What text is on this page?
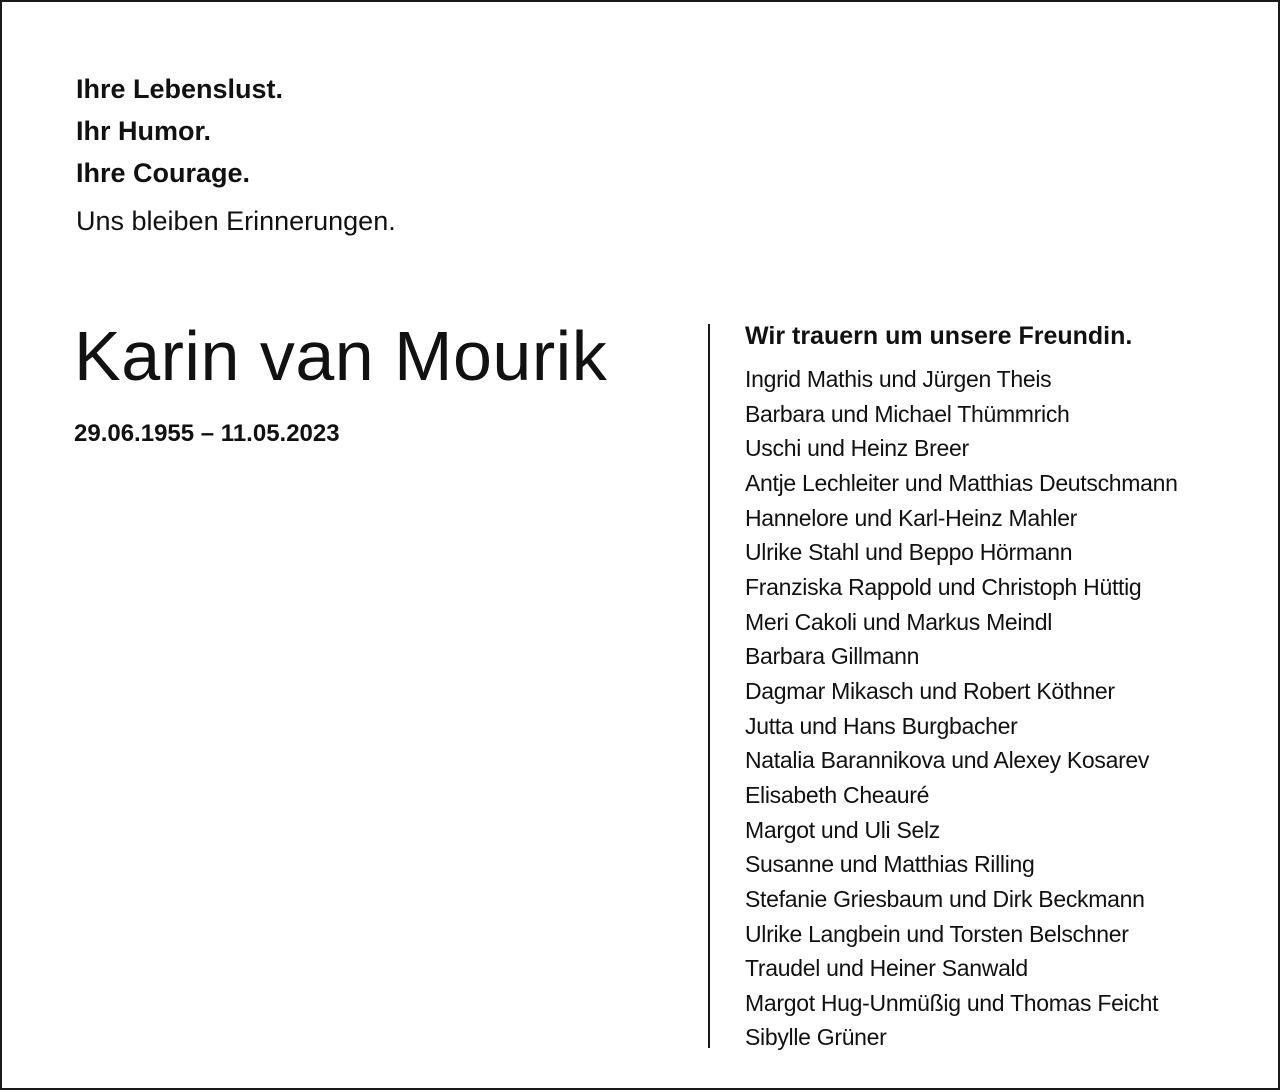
Ihre Lebenslust.
Ihr Humor.
Ihre Courage.
Uns bleiben Erinnerungen.
Karin van Mourik
29.06.1955 – 11.05.2023
Wir trauern um unsere Freundin.
Ingrid Mathis und Jürgen Theis
Barbara und Michael Thümmrich
Uschi und Heinz Breer
Antje Lechleiter und Matthias Deutschmann
Hannelore und Karl-Heinz Mahler
Ulrike Stahl und Beppo Hörmann
Franziska Rappold und Christoph Hüttig
Meri Cakoli und Markus Meindl
Barbara Gillmann
Dagmar Mikasch und Robert Köthner
Jutta und Hans Burgbacher
Natalia Barannikova und Alexey Kosarev
Elisabeth Cheauré
Margot und Uli Selz
Susanne und Matthias Rilling
Stefanie Griesbaum und Dirk Beckmann
Ulrike Langbein und Torsten Belschner
Traudel und Heiner Sanwald
Margot Hug-Unmüßig und Thomas Feicht
Sibylle Grüner
